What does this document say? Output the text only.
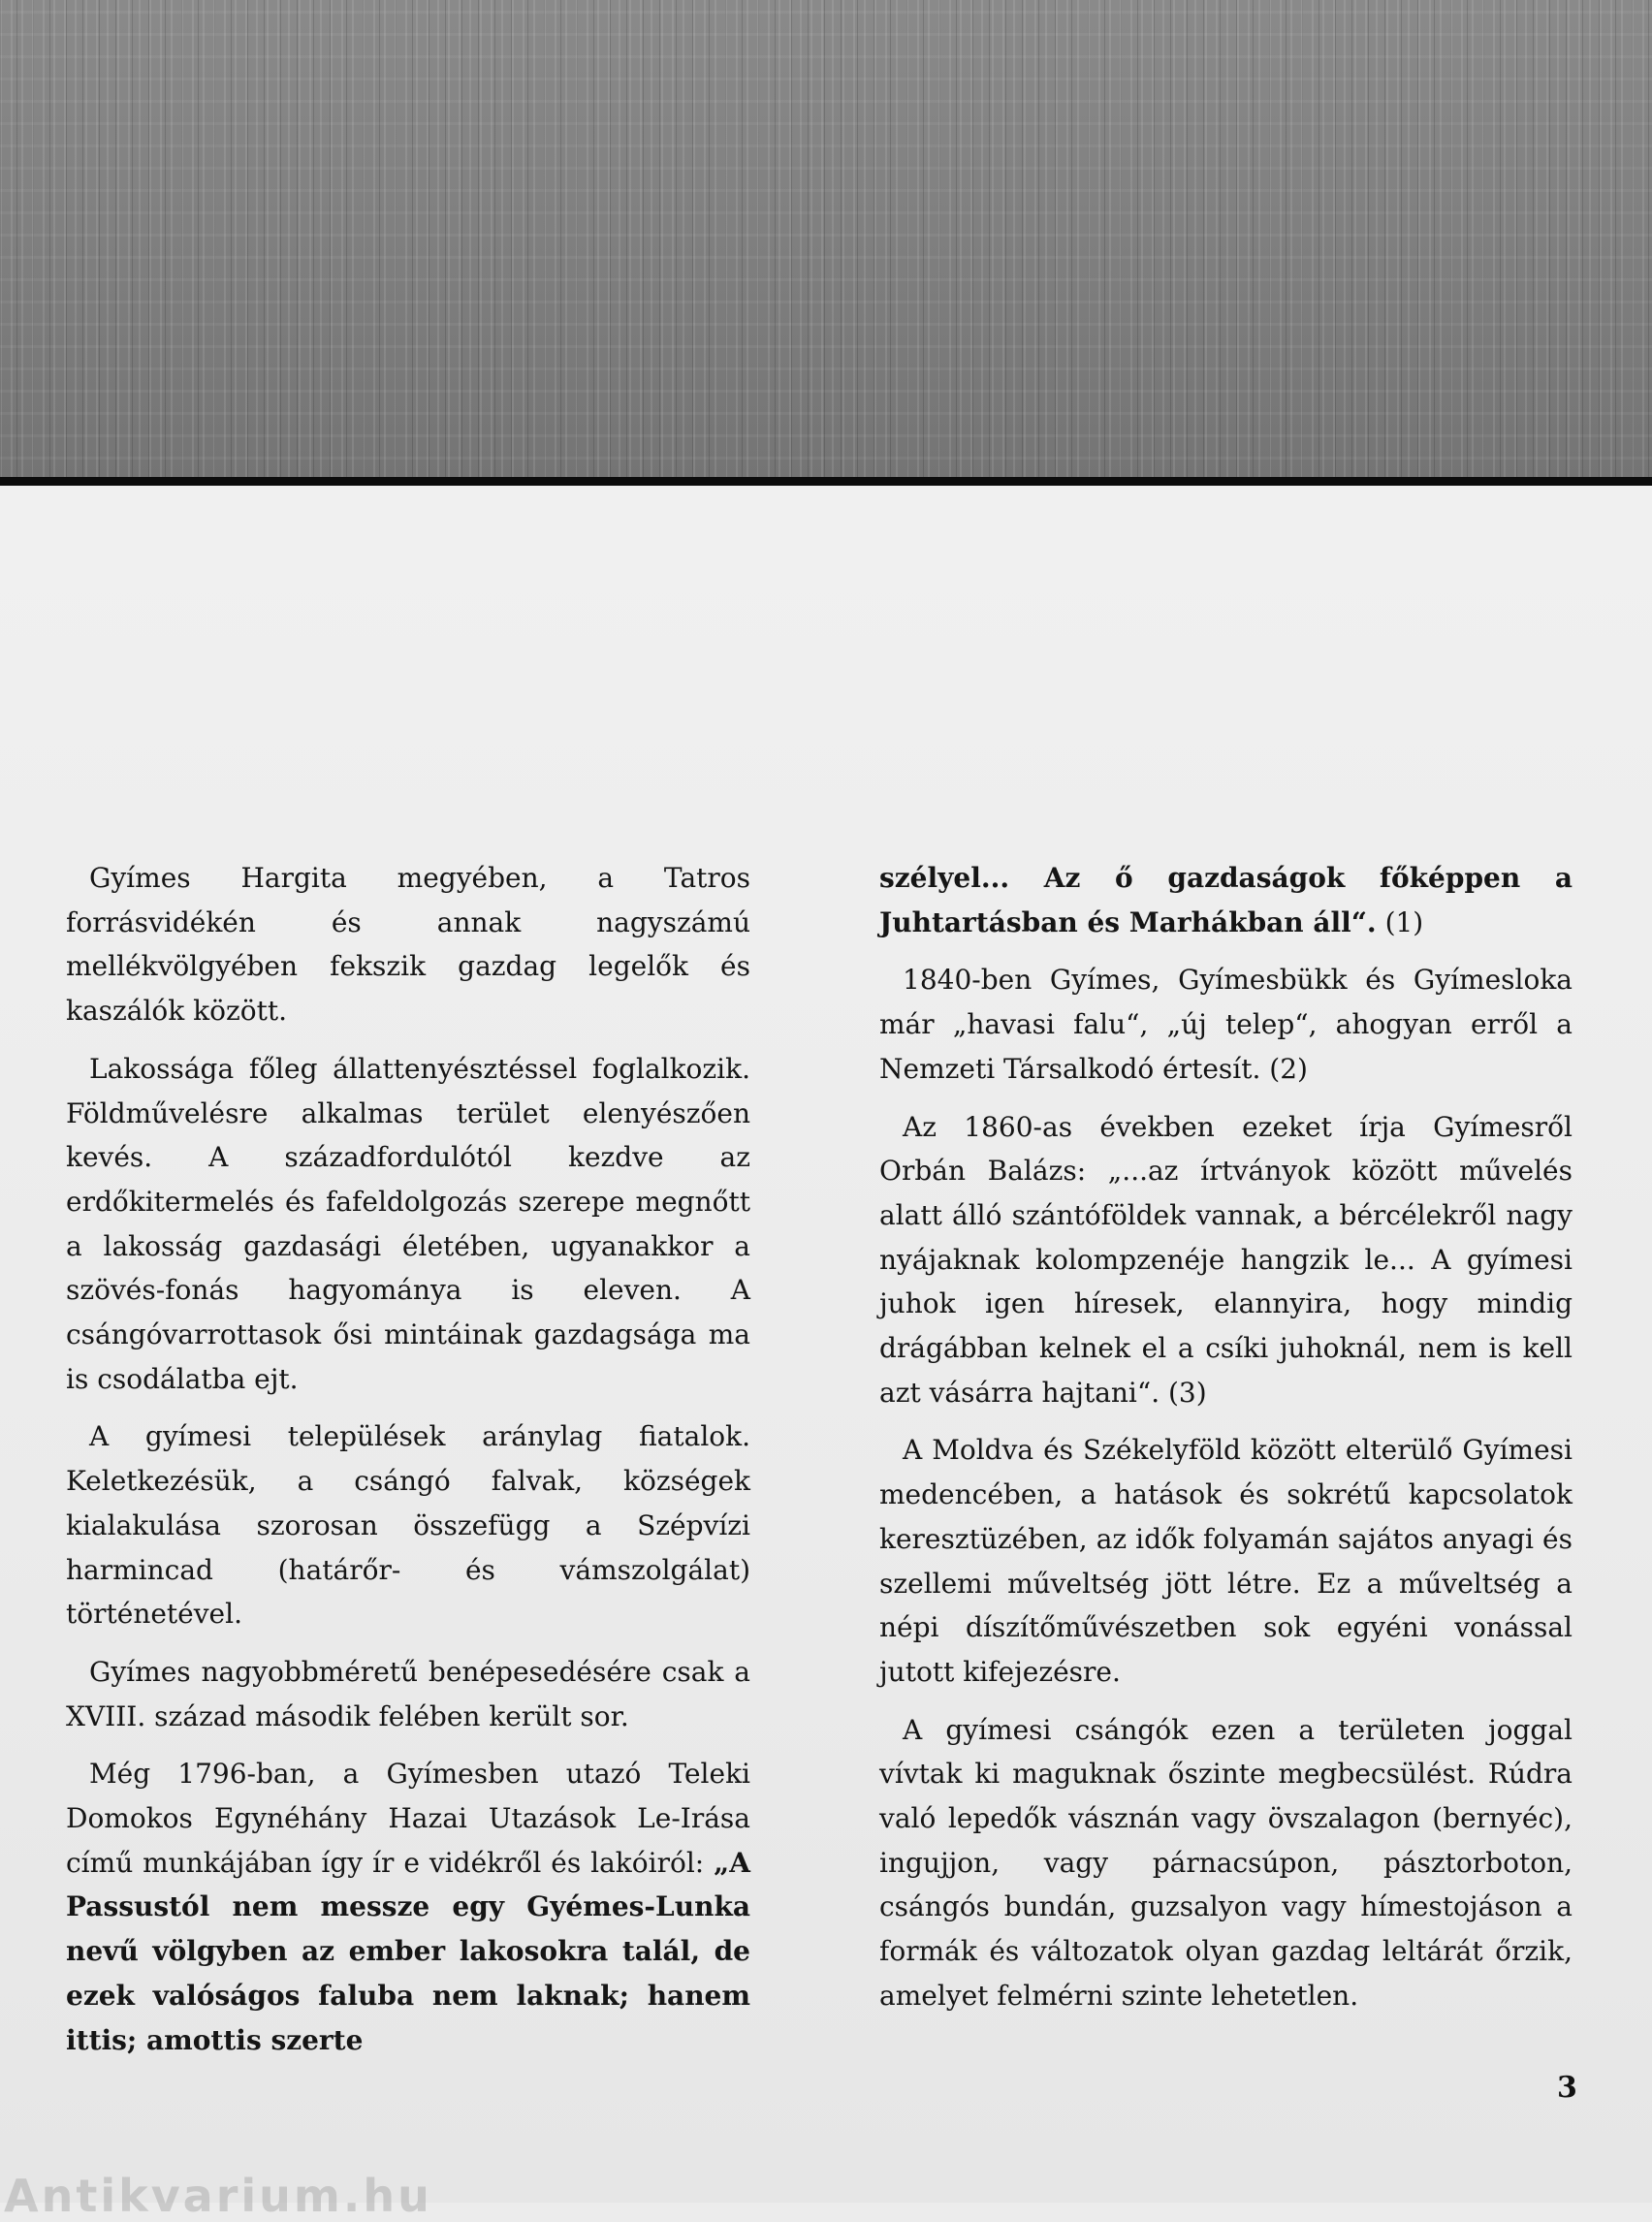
Gyímes Hargita megyében, a Tatros forrásvidékén és annak nagyszámú mellékvölgyében fekszik gazdag legelők és kaszálók között.

Lakossága főleg állattenyésztéssel foglalkozik. Földművelésre alkalmas terület elenyészően kevés. A századfordulótól kezdve az erdőkitermelés és fafeldolgozás szerepe megnőtt a lakosság gazdasági életében, ugyanakkor a szövés-fonás hagyománya is eleven. A csángóvarrottasok ősi mintáinak gazdagsága ma is csodálatba ejt.

A gyímesi települések aránylag fiatalok. Keletkezésük, a csángó falvak, községek kialakulása szorosan összefügg a Szépvízi harmincad (határőr- és vámszolgálat) történetével.

Gyímes nagyobbméretű benépesedésére csak a XVIII. század második felében került sor.

Még 1796-ban, a Gyímesben utazó Teleki Domokos Egynéhány Hazai Utazások Le-Irása című munkájában így ír e vidékről és lakóiról: „A Passustól nem messze egy Gyémes-Lunka nevű völgyben az ember lakosokra talál, de ezek valóságos faluba nem laknak; hanem ittis; amottis szerte

szélyel... Az ő gazdaságok főképpen a Juhtartásban és Marhákban áll“. (1)

1840-ben Gyímes, Gyímesbükk és Gyímesloka már „havasi falu“, „új telep“, ahogyan erről a Nemzeti Társalkodó értesít. (2)

Az 1860-as években ezeket írja Gyímesről Orbán Balázs: „...az írtványok között művelés alatt álló szántóföldek vannak, a bércélekről nagy nyájaknak kolompzenéje hangzik le... A gyímesi juhok igen híresek, elannyira, hogy mindig drágábban kelnek el a csíki juhoknál, nem is kell azt vásárra hajtani“. (3)

A Moldva és Székelyföld között elterülő Gyímesi medencében, a hatások és sokrétű kapcsolatok keresztüzében, az idők folyamán sajátos anyagi és szellemi műveltség jött létre. Ez a műveltség a népi díszítőművészetben sok egyéni vonással jutott kifejezésre.

A gyímesi csángók ezen a területen joggal vívtak ki maguknak őszinte megbecsülést. Rúdra való lepedők vásznán vagy övszalagon (bernyéc), ingujjon, vagy párnacsúpon, pásztorboton, csángós bundán, guzsalyon vagy hímestojáson a formák és változatok olyan gazdag leltárát őrzik, amelyet felmérni szinte lehetetlen.

3
Antikvarium.hu
